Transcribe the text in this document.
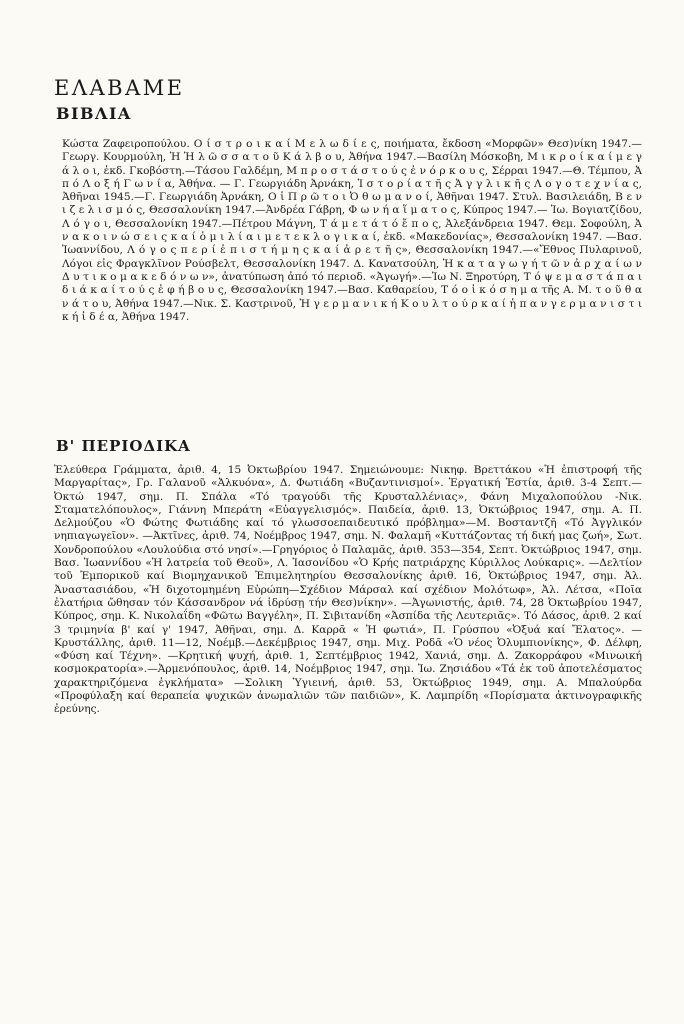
ΕΛΑΒΑΜΕ
ΒΙΒΛΙΑ

Κώστα Ζαφειροπούλου. Ο ί σ τ ρ ο ι κ α ί Μ ε λ ω δ ί ε ς, ποιήματα, ἔκδοση «Μορφῶν» Θεσ)νίκη 1947.—Γεωργ. Κουρμούλη, Ἡ Ἠ λ ῶ σ σ α τ ο ῦ Κ ά λ β ο υ, Ἀθήνα 1947.—Βασίλη Μόσκοβη, Μ ι κ ρ ο ί κ α ί μ ε γ ά λ ο ι, ἐκδ. Γκοβόστη.—Τάσου Γαλδέμη, Μ π ρ ο σ τ ά σ τ ο ύ ς ἐ ν ό ρ κ ο υ ς, Σέρραι 1947.—Θ. Τέμπου, Ἀ π ό Λ ο ξ ή Γ ω ν ί α, Ἀθήνα. — Γ. Γεωργιάδη Ἀρνάκη, Ἱ σ τ ο ρ ί α τ ῆ ς Ἀ γ γ λ ι κ ῆ ς Λ ο γ ο τ ε χ ν ί α ς, Ἀθῆναι 1945.—Γ. Γεωργιάδη Ἀρνάκη, Ο ἱ Π ρ ῶ τ ο ι Ὀ θ ω μ α ν ο ί, Ἀθῆναι 1947. Στυλ. Βασιλειάδη, Β ε ν ι ζ ε λ ι σ μ ό ς, Θεσσαλονίκη 1947.—Ἀνδρέα Γάβρη, Φ ω ν ή α ἵ μ α τ ο ς, Κύπρος 1947.— Ἰω. Βογιατζίδου, Λ ό γ ο ι, Θεσσαλονίκη 1947.—Πέτρου Μάγνη, Τ ά μ ε τ ά τ ό ἔ π ο ς, Ἀλεξάνδρεια 1947. Θεμ. Σοφούλη, Ἀ ν α κ ο ι ν ώ σ ε ι ς κ α ί ὁ μ ι λ ί α ι μ ε τ ε κ λ ο γ ι κ α ί, ἐκδ. «Μακεδονίας», Θεσσαλονίκη 1947. —Βασ. Ἰωαννίδου, Λ ό γ ο ς π ε ρ ί ἐ π ι σ τ ή μ η ς κ α ί ἀ ρ ε τ ῆ ς», Θεσσαλονίκη 1947.—«Ἔθνος Πυλαρινοῦ, Λόγοι εἰς Φραγκλῖνον Ρούσβελτ, Θεσσαλονίκη 1947. Δ. Κανατσούλη, Ἡ κ α τ α γ ω γ ή τ ῶ ν ἀ ρ χ α ί ω ν Δ υ τ ι κ ο μ α κ ε δ ό ν ω ν», ἀνατύπωση ἀπό τό περιοδ. «Ἀγωγή».—Ἰω Ν. Ξηροτύρη, Τ ό ψ ε μ α σ τ ά π α ι δ ι ά κ α ί τ ο ύ ς ἐ φ ή β ο υ ς, Θεσσαλονίκη 1947.—Βασ. Καθαρείου, Τ ό ο ἰ κ ό σ η μ α τῆς Α. Μ. τ ο ῦ θ α ν ά τ ο υ, Ἀθήνα 1947.—Νικ. Σ. Καστρινοῦ, Ἡ γ ε ρ μ α ν ι κ ή Κ ο υ λ τ ο ύ ρ κ α ί ἡ π α ν γ ε ρ μ α ν ι σ τ ι κ ή ἰ δ έ α, Ἀθήνα 1947.

Β' ΠΕΡΙΟΔΙΚΑ

Ἐλεύθερα Γράμματα, ἀριθ. 4, 15 Ὀκτωβρίου 1947. Σημειώνουμε: Νικηφ. Βρεττάκου «Ἡ ἐπιστροφή τῆς Μαργαρίτας», Γρ. Γαλανοῦ «Ἀλκυόνα», Δ. Φωτιάδη «Βυζαντινισμοί». Ἐργατική Ἑστία, ἀριθ. 3-4 Σεπτ.—Ὀκτώ 1947, σημ. Π. Σπάλα «Τό τραγούδι τῆς Κρυσταλλένιας», Φάνη Μιχαλοπούλου -Νικ. Σταματελόπουλος», Γιάννη Μπεράτη «Εὐαγγελισμός». Παιδεία, ἀριθ. 13, Ὀκτώβριος 1947, σημ. Α. Π. Δελμούζου «Ὁ Φώτης Φωτιάδης καί τό γλωσσοεπαιδευτικό πρόβλημα»—Μ. Βοσταντζῆ «Τό Ἀγγλικόν νηπιαγωγεῖον». —Ἀκτῖνες, ἀριθ. 74, Νοέμβρος 1947, σημ. Ν. Φαλαμῆ «Κυττάζοντας τή δική μας ζωή», Σωτ. Χονδροπούλου «Λουλούδια στό νησί».—Γρηγόριος ὁ Παλαμᾶς, ἀριθ. 353—354, Σεπτ. Ὀκτώβριος 1947, σημ. Βασ. Ἰωαννίδου «Ἡ λατρεία τοῦ Θεοῦ», Λ. Ἰασονίδου «Ὁ Κρής πατριάρχης Κύριλλος Λούκαρις». —Δελτίον τοῦ Ἐμπορικοῦ καί Βιομηχανικοῦ Ἐπιμελητηρίου Θεσσαλονίκης ἀριθ. 16, Ὀκτώβριος 1947, σημ. Ἀλ. Ἀναστασιάδου, «Ἡ διχοτομημένη Εὐρώπη—Σχέδιον Μάρσαλ καί σχέδιον Μολότωφ», Ἀλ. Λέτσα, «Ποῖα ἐλατήρια ὤθησαν τόν Κάσσανδρον νά ἱδρύσῃ τήν Θεσ)νίκην». —Ἀγωνιστής, ἀριθ. 74, 28 Ὀκτωβρίου 1947, Κύπρος, σημ. Κ. Νικολαΐδη «Φῶτω Βαγγέλη», Π. Σιβιτανίδη «Ἀσπίδα τῆς Λευτεριᾶς». Τό Δάσος, ἀριθ. 2 καί 3 τριμηνία β' καί γ' 1947, Ἀθῆναι, σημ. Δ. Καρρᾶ « Ἡ φωτιά», Π. Γρύσπου «Ὀξυά καί Ἔλατος». —Κρυστάλλης, ἀριθ. 11—12, Νοέμβ.—Δεκέμβριος 1947, σημ. Μιχ. Ροδᾶ «Ὁ νέος Ὀλυμπιονίκης», Φ. Δέλφη, «Φύση καί Τέχνη». —Κρητική ψυχή, ἀριθ. 1, Σεπτέμβριος 1942, Χανιά, σημ. Δ. Ζακορράφου «Μινωική κοσμοκρατορία».—Ἀρμενόπουλος, ἀριθ. 14, Νοέμβριος 1947, σημ. Ἰω. Ζησιάδου «Τά ἐκ τοῦ ἀποτελέσματος χαρακτηριζόμενα ἐγκλήματα» —Σολικη Ὑγιεινή, ἀριθ. 53, Ὀκτώβριος 1949, σημ. Α. Μπαλούρδα «Προφύλαξη καί θεραπεία ψυχικῶν ἀνωμαλιῶν τῶν παιδιῶν», Κ. Λαμπρίδη «Πορίσματα ἀκτινογραφικῆς ἐρεύνης.
